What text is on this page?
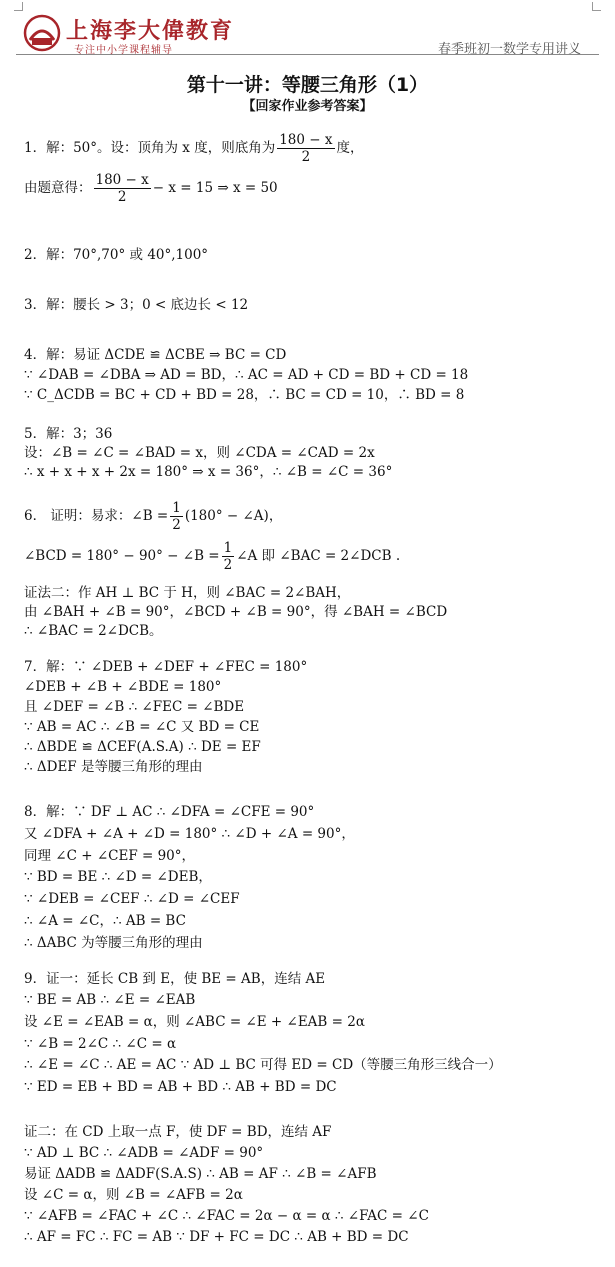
上海李大偉教育
专注中小学课程辅导	春季班初一数学专用讲义
第十一讲：等腰三角形（1）
【回家作业参考答案】
1．解：50°。设：顶角为 x 度，则底角为 $\frac{180 - x}{2}$ 度，
由题意得： $\frac{180 - x}{2} - x = 15$ ⇒ x = 50
2．解：70°,70° 或 40°,100°
3．解：腰长 > 3；0 < 底边长 < 12
4．解：易证 ΔCDE ≌ ΔCBE ⇒ BC = CD
∵ ∠DAB = ∠DBA ⇒ AD = BD，∴ AC = AD + CD = BD + CD = 18
∵ C_ΔCDB = BC + CD + BD = 28，∴ BC = CD = 10，∴ BD = 8
5．解：3；36
设：∠B = ∠C = ∠BAD = x，则 ∠CDA = ∠CAD = 2x
∴ x + x + x + 2x = 180° ⇒ x = 36°，∴ ∠B = ∠C = 36°
6． 证明：易求：∠B = $\frac{1}{2} (180^\circ$ − ∠A)，
∠BCD = 180° − 90° − ∠B = $\frac{1}{2}$ ∠A 即 ∠BAC = 2∠DCB .
证法二：作 AH ⊥ BC 于 H，则 ∠BAC = 2∠BAH，
由 ∠BAH + ∠B = 90°，∠BCD + ∠B = 90°，得 ∠BAH = ∠BCD
∴ ∠BAC = 2∠DCB。
7．解：∵ ∠DEB + ∠DEF + ∠FEC = 180°
∠DEB + ∠B + ∠BDE = 180°
且 ∠DEF = ∠B ∴ ∠FEC = ∠BDE
∵ AB = AC ∴ ∠B = ∠C 又 BD = CE
∴ ΔBDE ≌ ΔCEF(A.S.A) ∴ DE = EF
∴ ΔDEF 是等腰三角形的理由
8．解：∵ DF ⊥ AC ∴ ∠DFA = ∠CFE = 90°
又 ∠DFA + ∠A + ∠D = 180° ∴ ∠D + ∠A = 90°，
同理 ∠C + ∠CEF = 90°，
∵ BD = BE ∴ ∠D = ∠DEB，
∵ ∠DEB = ∠CEF ∴ ∠D = ∠CEF
∴ ∠A = ∠C，∴ AB = BC
∴ ΔABC 为等腰三角形的理由
9．证一：延长 CB 到 E，使 BE = AB，连结 AE
∵ BE = AB ∴ ∠E = ∠EAB
设 ∠E = ∠EAB = α，则 ∠ABC = ∠E + ∠EAB = 2α
∵ ∠B = 2∠C ∴ ∠C = α
∴ ∠E = ∠C ∴ AE = AC ∵ AD ⊥ BC 可得 ED = CD（等腰三角形三线合一）
∵ ED = EB + BD = AB + BD ∴ AB + BD = DC
证二：在 CD 上取一点 F，使 DF = BD，连结 AF
∵ AD ⊥ BC ∴ ∠ADB = ∠ADF = 90°
易证 ΔADB ≌ ΔADF(S.A.S) ∴ AB = AF ∴ ∠B = ∠AFB
设 ∠C = α，则 ∠B = ∠AFB = 2α
∵ ∠AFB = ∠FAC + ∠C ∴ ∠FAC = 2α − α = α ∴ ∠FAC = ∠C
∴ AF = FC ∴ FC = AB ∵ DF + FC = DC ∴ AB + BD = DC
